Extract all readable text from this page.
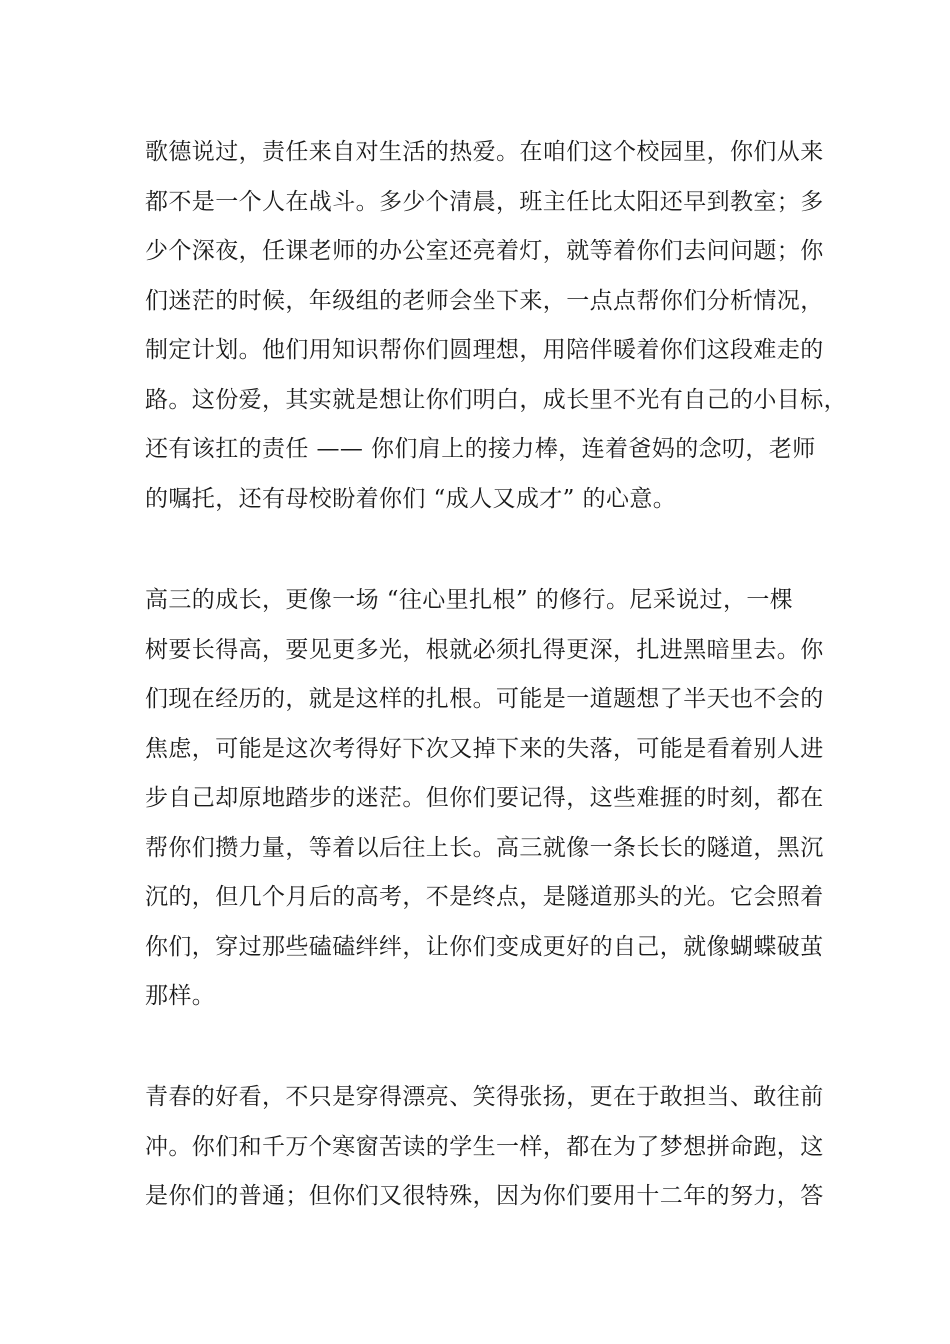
歌德说过，责任来自对生活的热爱。在咱们这个校园里，你们从来
都不是一个人在战斗。多少个清晨，班主任比太阳还早到教室；多
少个深夜，任课老师的办公室还亮着灯，就等着你们去问问题；你
们迷茫的时候，年级组的老师会坐下来，一点点帮你们分析情况，
制定计划。他们用知识帮你们圆理想，用陪伴暖着你们这段难走的
路。这份爱，其实就是想让你们明白，成长里不光有自己的小目标，
还有该扛的责任 —— 你们肩上的接力棒，连着爸妈的念叨，老师
的嘱托，还有母校盼着你们 “成人又成才” 的心意。
高三的成长，更像一场 “往心里扎根” 的修行。尼采说过，一棵
树要长得高，要见更多光，根就必须扎得更深，扎进黑暗里去。你
们现在经历的，就是这样的扎根。可能是一道题想了半天也不会的
焦虑，可能是这次考得好下次又掉下来的失落，可能是看着别人进
步自己却原地踏步的迷茫。但你们要记得，这些难捱的时刻，都在
帮你们攒力量，等着以后往上长。高三就像一条长长的隧道，黑沉
沉的，但几个月后的高考，不是终点，是隧道那头的光。它会照着
你们，穿过那些磕磕绊绊，让你们变成更好的自己，就像蝴蝶破茧
那样。
青春的好看，不只是穿得漂亮、笑得张扬，更在于敢担当、敢往前
冲。你们和千万个寒窗苦读的学生一样，都在为了梦想拼命跑，这
是你们的普通；但你们又很特殊，因为你们要用十二年的努力，答
